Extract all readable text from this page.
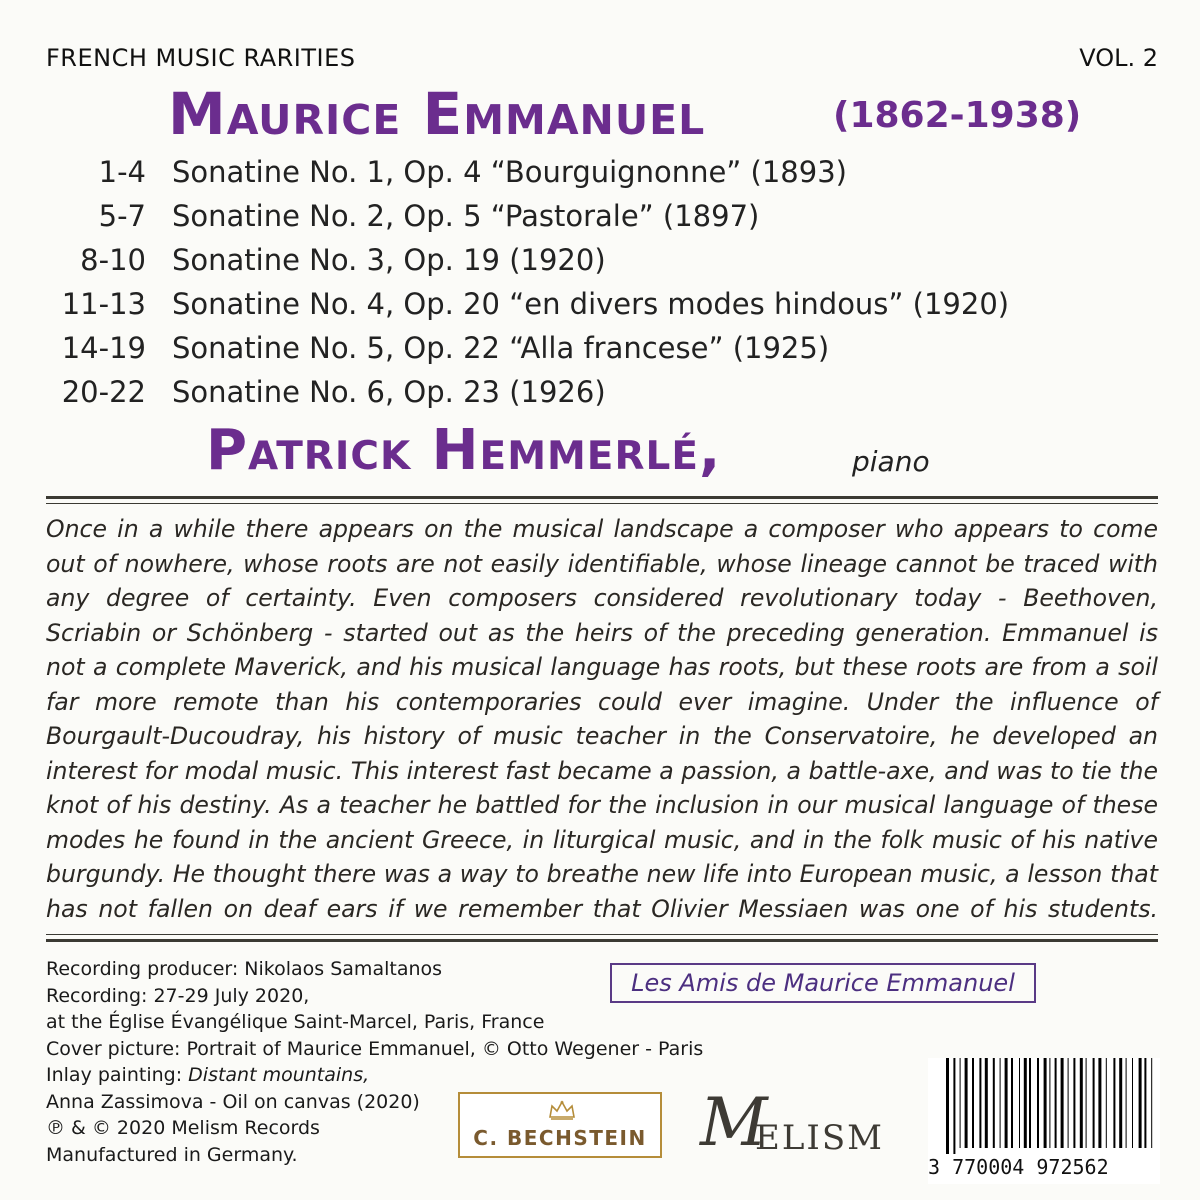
FRENCH MUSIC RARITIES	VOL. 2
Maurice Emmanuel	(1862-1938)
1-4 Sonatine No. 1, Op. 4 “Bourguignonne” (1893)
5-7 Sonatine No. 2, Op. 5 “Pastorale” (1897)
8-10 Sonatine No. 3, Op. 19 (1920)
11-13 Sonatine No. 4, Op. 20 “en divers modes hindous” (1920)
14-19 Sonatine No. 5, Op. 22 “Alla francese” (1925)
20-22 Sonatine No. 6, Op. 23 (1926)
Patrick Hemmerlé,	piano

Once in a while there appears on the musical landscape a composer who appears to come out of nowhere, whose roots are not easily identifiable, whose lineage cannot be traced with any degree of certainty. Even composers considered revolutionary today - Beethoven, Scriabin or Schönberg - started out as the heirs of the preceding generation. Emmanuel is not a complete Maverick, and his musical language has roots, but these roots are from a soil far more remote than his contemporaries could ever imagine. Under the influence of Bourgault-Ducoudray, his history of music teacher in the Conservatoire, he developed an interest for modal music. This interest fast became a passion, a battle-axe, and was to tie the knot of his destiny. As a teacher he battled for the inclusion in our musical language of these modes he found in the ancient Greece, in liturgical music, and in the folk music of his native burgundy. He thought there was a way to breathe new life into European music, a lesson that has not fallen on deaf ears if we remember that Olivier Messiaen was one of his students.

Recording producer: Nikolaos Samaltanos
Recording: 27-29 July 2020,
at the Église Évangélique Saint-Marcel, Paris, France
Cover picture: Portrait of Maurice Emmanuel, © Otto Wegener - Paris
Inlay painting: Distant mountains,
Anna Zassimova - Oil on canvas (2020)
℗ & © 2020 Melism Records
Manufactured in Germany.
Les Amis de Maurice Emmanuel
C. BECHSTEIN M
ELISM
3 770004 972562
